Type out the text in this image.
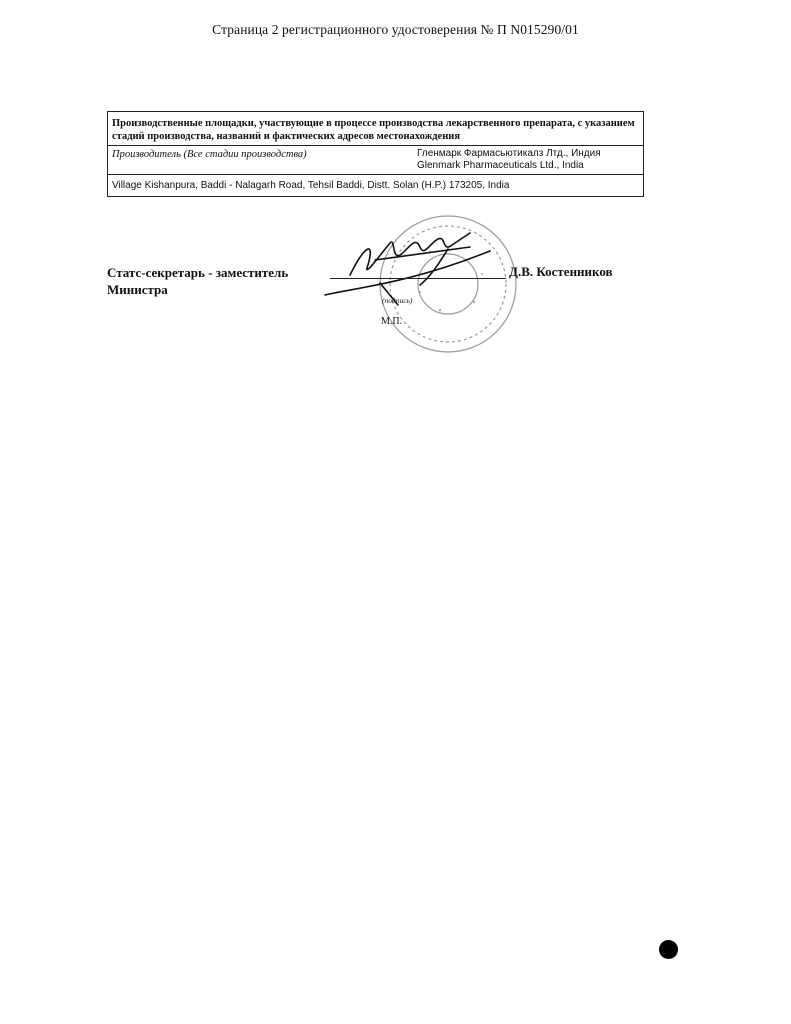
Страница 2 регистрационного удостоверения № П N015290/01
Производственные площадки, участвующие в процессе производства лекарственного препарата, с указанием стадий производства, названий и фактических адресов местонахождения
Производитель (Все стадии производства)	Гленмарк Фармасьютикалз Лтд., Индия
Glenmark Pharmaceuticals Ltd., India

Village Kishanpura, Baddi - Nalagarh Road, Tehsil Baddi, Distt. Solan (H.P.) 173205, India
Статс-секретарь - заместитель
Министра
(подпись)
М.П.
Д.В. Костенников
